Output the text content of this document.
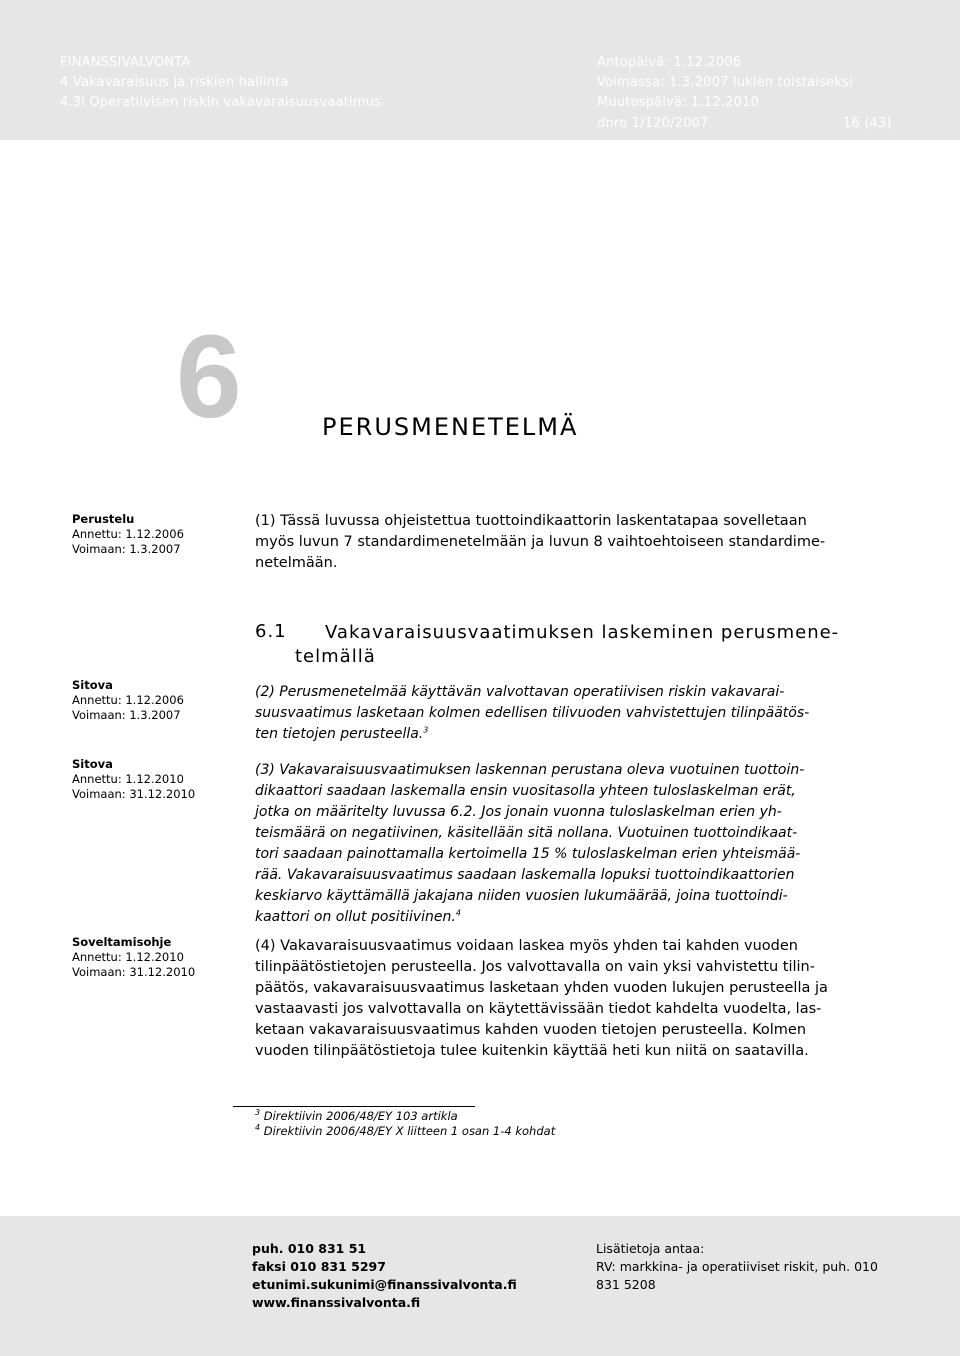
FINANSSIVALVONTA
4 Vakavaraisuus ja riskien hallinta
4.3i Operatiivisen riskin vakavaraisuusvaatimus
Antopäivä: 1.12.2006
Voimassa: 1.3.2007 lukien toistaiseksi
Muutospäivä: 1.12.2010
dnro 1/120/2007	16 (43)
6	PERUSMENETELMÄ
Perustelu
Annettu: 1.12.2006
Voimaan: 1.3.2007
Sitova
Annettu: 1.12.2006
Voimaan: 1.3.2007
Sitova
Annettu: 1.12.2010
Voimaan: 31.12.2010
Soveltamisohje
Annettu: 1.12.2010
Voimaan: 31.12.2010
(1) Tässä luvussa ohjeistettua tuottoindikaattorin laskentatapaa sovelletaan
myös luvun 7 standardimenetelmään ja luvun 8 vaihtoehtoiseen standardime-
netelmään.
6.1 Vakavaraisuusvaatimuksen laskeminen perusmene-
telmällä
(2) Perusmenetelmää käyttävän valvottavan operatiivisen riskin vakavarai-
suusvaatimus lasketaan kolmen edellisen tilivuoden vahvistettujen tilinpäätös-
ten tietojen perusteella.$^3$
(3) Vakavaraisuusvaatimuksen laskennan perustana oleva vuotuinen tuottoin-
dikaattori saadaan laskemalla ensin vuositasolla yhteen tuloslaskelman erät,
jotka on määritelty luvussa 6.2. Jos jonain vuonna tuloslaskelman erien yh-
teismäärä on negatiivinen, käsitellään sitä nollana. Vuotuinen tuottoindikaat-
tori saadaan painottamalla kertoimella 15 % tuloslaskelman erien yhteismää-
rää. Vakavaraisuusvaatimus saadaan laskemalla lopuksi tuottoindikaattorien
keskiarvo käyttämällä jakajana niiden vuosien lukumäärää, joina tuottoindi-
kaattori on ollut positiivinen.$^4$
(4) Vakavaraisuusvaatimus voidaan laskea myös yhden tai kahden vuoden
tilinpäätöstietojen perusteella. Jos valvottavalla on vain yksi vahvistettu tilin-
päätös, vakavaraisuusvaatimus lasketaan yhden vuoden lukujen perusteella ja
vastaavasti jos valvottavalla on käytettävissään tiedot kahdelta vuodelta, las-
ketaan vakavaraisuusvaatimus kahden vuoden tietojen perusteella. Kolmen
vuoden tilinpäätöstietoja tulee kuitenkin käyttää heti kun niitä on saatavilla.
$^3$ Direktiivin 2006/48/EY 103 artikla
$^4$ Direktiivin 2006/48/EY X liitteen 1 osan 1-4 kohdat
puh. 010 831 51
faksi 010 831 5297
etunimi.sukunimi@finanssivalvonta.fi
www.finanssivalvonta.fi
Lisätietoja antaa:
RV: markkina- ja operatiiviset riskit, puh. 010
831 5208
